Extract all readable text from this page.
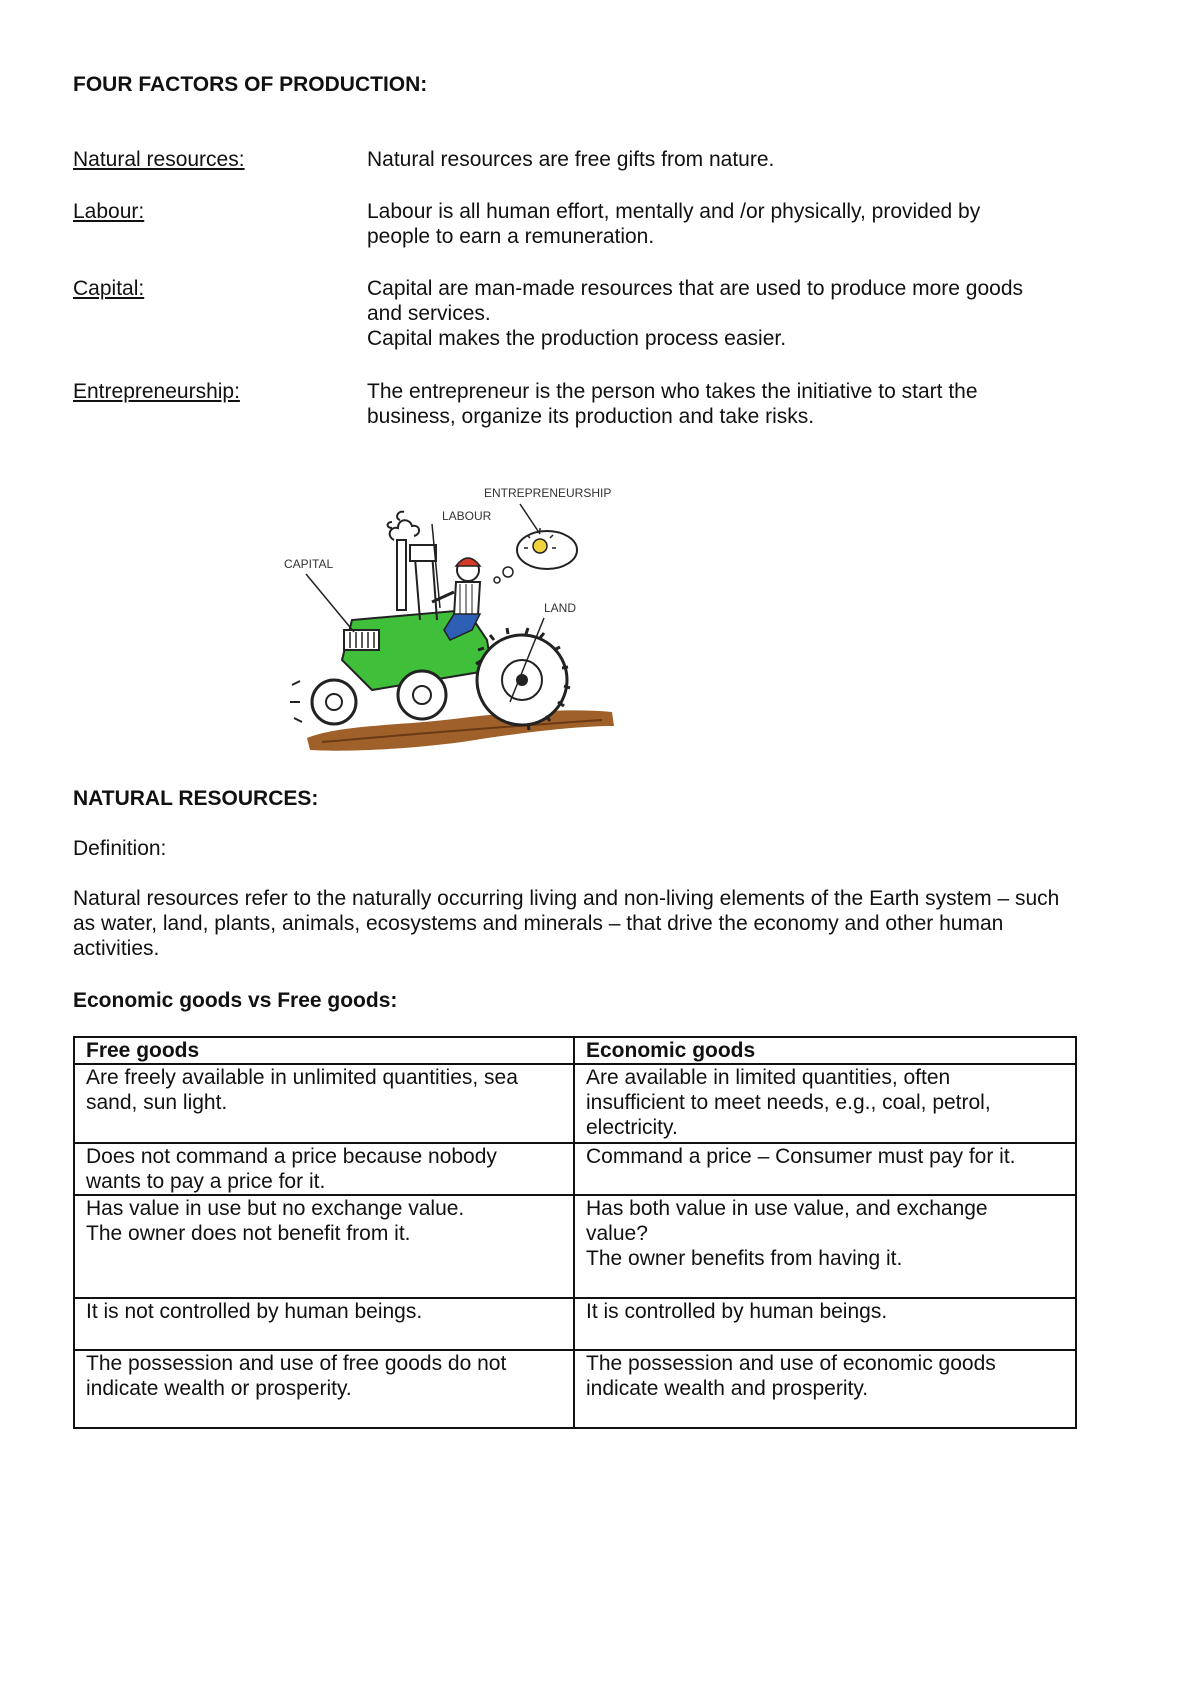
FOUR FACTORS OF PRODUCTION:
Natural resources:	Natural resources are free gifts from nature.
Labour:	Labour is all human effort, mentally and /or physically, provided by
people to earn a remuneration.
Capital:	Capital are man-made resources that are used to produce more goods
and services.
Capital makes the production process easier.
Entrepreneurship:	The entrepreneur is the person who takes the initiative to start the
business, organize its production and take risks.
ENTREPRENEURSHIP
LABOUR
CAPITAL
LAND
NATURAL RESOURCES:
Definition:
Natural resources refer to the naturally occurring living and non-living elements of the Earth system – such
as water, land, plants, animals, ecosystems and minerals – that drive the economy and other human
activities.
Economic goods vs Free goods:
Free goods	Economic goods

Are freely available in unlimited quantities, sea
sand, sun light.	Are available in limited quantities, often
insufficient to meet needs, e.g., coal, petrol,
electricity.

Does not command a price because nobody
wants to pay a price for it.	Command a price – Consumer must pay for it.

Has value in use but no exchange value.
The owner does not benefit from it.	Has both value in use value, and exchange
value?
The owner benefits from having it.

It is not controlled by human beings.	It is controlled by human beings.

The possession and use of free goods do not
indicate wealth or prosperity.	The possession and use of economic goods
indicate wealth and prosperity.
